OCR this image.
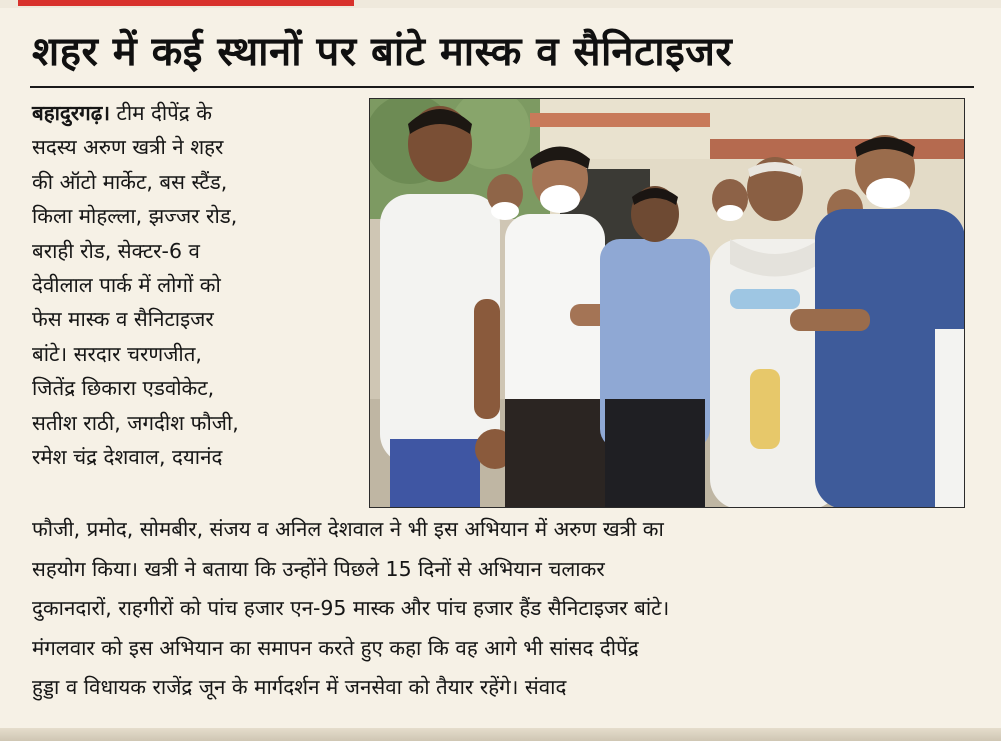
शहर में कई स्थानों पर बांटे मास्क व सैनिटाइजर
बहादुरगढ़। टीम दीपेंद्र के
सदस्य अरुण खत्री ने शहर
की ऑटो मार्केट, बस स्टैंड,
किला मोहल्ला, झज्जर रोड,
बराही रोड, सेक्टर-6 व
देवीलाल पार्क में लोगों को
फेस मास्क व सैनिटाइजर
बांटे। सरदार चरणजीत,
जितेंद्र छिकारा एडवोकेट,
सतीश राठी, जगदीश फौजी,
रमेश चंद्र देशवाल, दयानंद
फौजी, प्रमोद, सोमबीर, संजय व अनिल देशवाल ने भी इस अभियान में अरुण खत्री का
सहयोग किया। खत्री ने बताया कि उन्होंने पिछले 15 दिनों से अभियान चलाकर
दुकानदारों, राहगीरों को पांच हजार एन-95 मास्क और पांच हजार हैंड सैनिटाइजर बांटे।
मंगलवार को इस अभियान का समापन करते हुए कहा कि वह आगे भी सांसद दीपेंद्र
हुड्डा व विधायक राजेंद्र जून के मार्गदर्शन में जनसेवा को तैयार रहेंगे। संवाद
